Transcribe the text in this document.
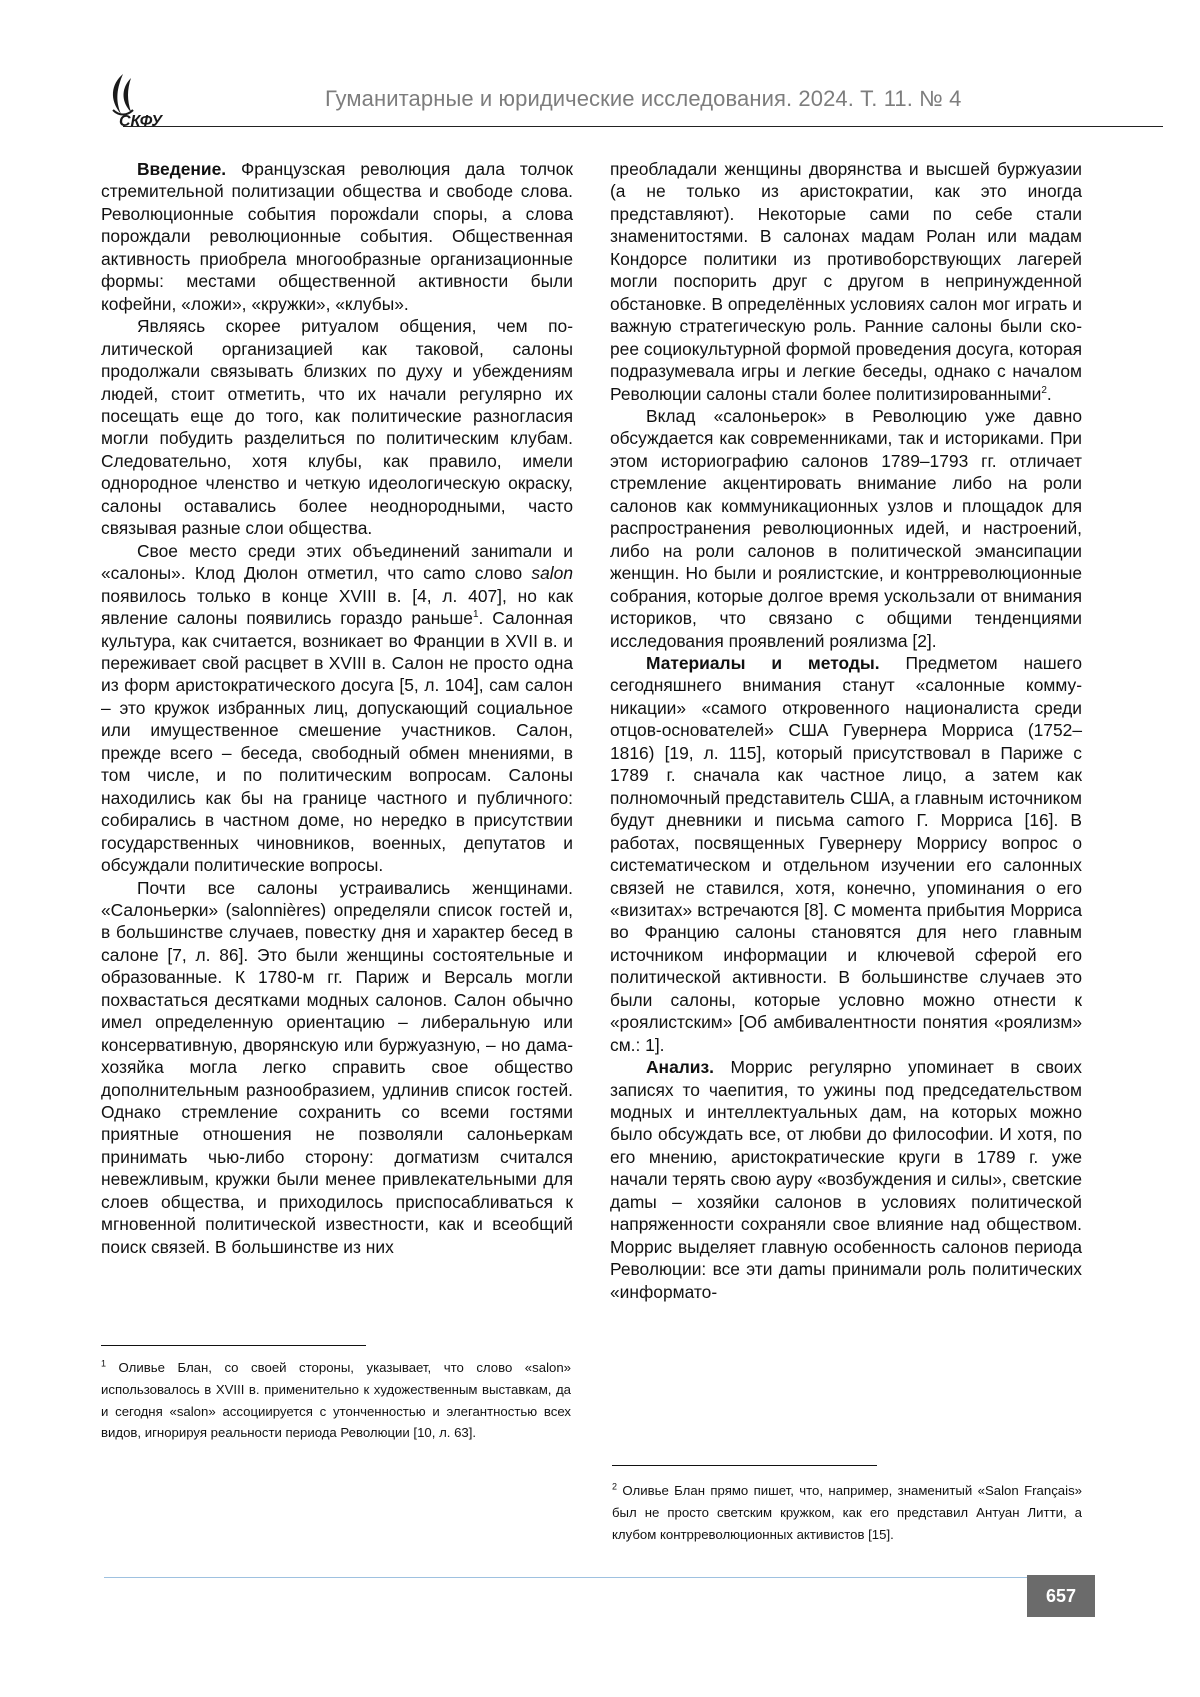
СКФУ
Гуманитарные и юридические исследования. 2024. Т. 11. № 4

Введение. Французская революция дала толчок стремительной политизации общества и свободе слова. Революционные события порож­dали споры, а слова порождали революционные события. Общественная активность приобрела многообразные организационные формы: ме­стами общественной активности были кофейни, «ложи», «кружки», «клубы».

Являясь скорее ритуалом общения, чем по­литической организацией как таковой, салоны продолжали связывать близких по духу и убеж­дениям людей, стоит отметить, что их начали регулярно их посещать еще до того, как полити­ческие разногласия могли побудить разделиться по политическим клубам. Следовательно, хотя клубы, как правило, имели однородное членство и четкую идеологическую окраску, салоны оста­вались более неоднородными, часто связывая разные слои общества.

Свое место среди этих объединений зани­mали и «салоны». Клод Дюлон отметил, что са­mo слово salon появилось только в конце XVIII в. [4, л. 407], но как явление салоны появились го­раздо раньше1. Салонная культура, как считает­ся, возникает во Франции в XVII в. и переживает свой расцвет в XVIII в. Салон не просто одна из форм аристократического досуга [5, л. 104], сам салон – это кружок избранных лиц, допускающий социальное или имущественное смешение участников. Салон, прежде всего – беседа, сво­бодный обмен мнениями, в том числе, и по по­литическим вопросам. Салоны находились как бы на границе частного и публичного: собира­лись в частном доме, но нередко в присутствии государственных чиновников, военных, депута­тов и обсуждали политические вопросы.

Почти все салоны устраивались женщина­ми. «Салоньерки» (salonnières) определяли спи­сок гостей и, в большинстве случаев, повестку дня и характер бесед в салоне [7, л. 86]. Это бы­ли женщины состоятельные и образованные. К 1780-м гг. Париж и Версаль могли похвастаться десятками модных салонов. Салон обычно имел определенную ориентацию – либеральную или консервативную, дворянскую или буржуазную, – но дама-хозяйка могла легко справить свое об­щество дополнительным разнообразием, удли­нив список гостей. Однако стремление сохра­нить со всеми гостями приятные отношения не позволяли салоньеркам принимать чью-либо сторону: догматизм считался невежливым, круж­ки были менее привлекательными для слоев общества, и приходилось приспосабливаться к мгновенной политической известности, как и всеобщий поиск связей. В большинстве из них

1 Оливье Блан, со своей стороны, указывает, что слово «salon» использовалось в XVIII в. применительно к художественным выставкам, да и сегодня «salon» ассоциируется с утонченностью и элегантностью всех видов, игнорируя реальности периода Революции [10, л. 63].

преобладали женщины дворянства и высшей буржуазии (а не только из аристократии, как это иногда представляют). Некоторые сами по себе стали знаменитостями. В салонах мадам Ролан или мадам Кондорсе политики из противобор­ствующих лагерей могли поспорить друг с дру­гом в непринужденной обстановке. В опреде­лённых условиях салон мог играть и важную стратегическую роль. Ранние салоны были ско­рее социокультурной формой проведения досу­га, которая подразумевала игры и легкие бесе­ды, однако с началом Революции салоны стали более политизированными2.

Вклад «салоньерок» в Революцию уже дав­но обсуждается как современниками, так и исто­риками. При этом историографию салонов 1789–1793 гг. отличает стремление акцентировать внимание либо на роли салонов как коммуника­ционных узлов и площадок для распространения революционных идей, и настроений, либо на роли салонов в политической эмансипации женщин. Но были и роялистские, и контррево­люционные собрания, которые долгое время ускользали от внимания историков, что связано с общими тенденциями исследования проявле­ний роялизма [2].

Материалы и методы. Предметом нашего сегодняшнего внимания станут «салонные комму­никации» «самого откровенного националиста среди отцов-основателей» США Гувернера Мор­риса (1752–1816) [19, л. 115], который присутство­вал в Париже с 1789 г. сначала как частное лицо, а затем как полномочный представитель США, а главным источником будут дневники и письма са­mого Г. Морриса [16]. В работах, посвященных Гу­вернеру Моррису вопрос о систематическом и от­дельном изучении его салонных связей не ставил­ся, хотя, конечно, упоминания о его «визитах» встречаются [8]. С момента прибытия Морриса во Францию салоны становятся для него главным источником информации и ключевой сферой его политической активности. В большинстве случаев это были салоны, которые условно можно отнести к «роялистским» [Об амбивалентности понятия «роялизм» см.: 1].

Анализ. Моррис регулярно упоминает в своих записях то чаепития, то ужины под пред­седательством модных и интеллектуальных дам, на которых можно было обсуждать все, от любви до философии. И хотя, по его мнению, аристо­кратические круги в 1789 г. уже начали терять свою ауру «возбуждения и силы», светские да­mы – хозяйки салонов в условиях политической напряженности сохраняли свое влияние над обществом. Моррис выделяет главную особен­ность салонов периода Революции: все эти да­mы принимали роль политических «информато-

2 Оливье Блан прямо пишет, что, например, знаменитый «Salon Français» был не просто светским кружком, как его представил Антуан Литти, а клубом контрреволюционных активистов [15].
657
